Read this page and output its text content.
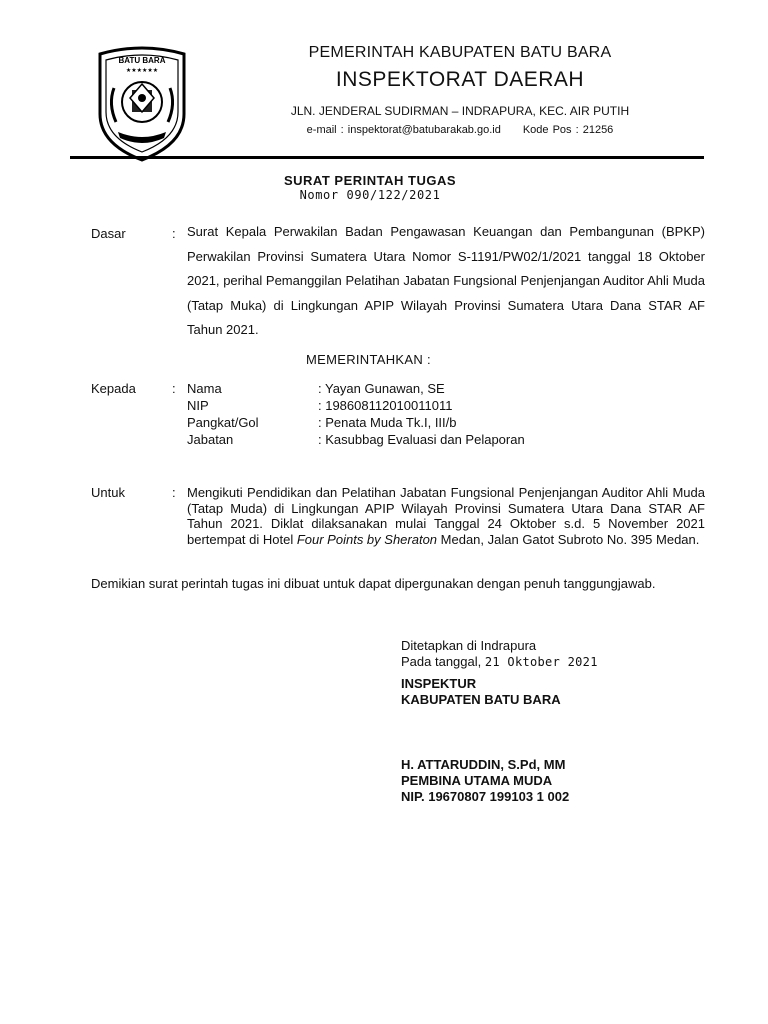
BATU BARA
★★★★★★
PEMERINTAH KABUPATEN BATU BARA
INSPEKTORAT DAERAH
JLN. JENDERAL SUDIRMAN – INDRAPURA, KEC. AIR PUTIH
e-mail : inspektorat@batubarakab.go.id Kode Pos : 21256
SURAT PERINTAH TUGAS
Nomor 090/122/2021
Dasar	: Surat Kepala Perwakilan Badan Pengawasan Keuangan dan Pembangunan (BPKP) Perwakilan Provinsi Sumatera Utara Nomor S-1191/PW02/1/2021 tanggal 18 Oktober 2021, perihal Pemanggilan Pelatihan Jabatan Fungsional Penjenjangan Auditor Ahli Muda (Tatap Muka) di Lingkungan APIP Wilayah Provinsi Sumatera Utara Dana STAR AF Tahun 2021.
MEMERINTAHKAN :
Kepada	: Nama	: Yayan Gunawan, SE
NIP	: 198608112010011011
Pangkat/Gol	: Penata Muda Tk.I, III/b
Jabatan	: Kasubbag Evaluasi dan Pelaporan
Untuk	: Mengikuti Pendidikan dan Pelatihan Jabatan Fungsional Penjenjangan Auditor Ahli Muda (Tatap Muda) di Lingkungan APIP Wilayah Provinsi Sumatera Utara Dana STAR AF Tahun 2021. Diklat dilaksanakan mulai Tanggal 24 Oktober s.d. 5 November 2021 bertempat di Hotel Four Points by Sheraton Medan, Jalan Gatot Subroto No. 395 Medan.
Demikian surat perintah tugas ini dibuat untuk dapat dipergunakan dengan penuh tanggungjawab.
Ditetapkan di Indrapura
Pada tanggal, 21 Oktober 2021
INSPEKTUR
KABUPATEN BATU BARA
H. ATTARUDDIN, S.Pd, MM
PEMBINA UTAMA MUDA
NIP. 19670807 199103 1 002
